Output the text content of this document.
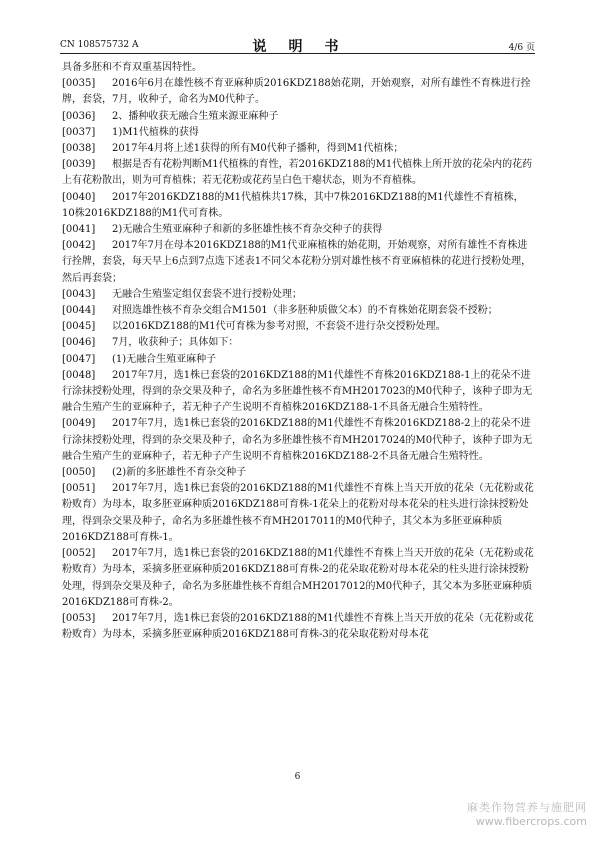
CN 108575732 A	说　明　书	4/6 页

具备多胚和不育双重基因特性。

[0035] 2016年6月在雄性核不育亚麻种质2016KDZ188始花期，开始观察，对所有雄性不育株进行拴牌，套袋，7月，收种子，命名为M0代种子。

[0036] 2、播种收获无融合生殖来源亚麻种子

[0037] 1)M1代植株的获得

[0038] 2017年4月将上述1获得的所有M0代种子播种，得到M1代植株；

[0039] 根据是否有花粉判断M1代植株的育性，若2016KDZ188的M1代植株上所开放的花朵内的花药上有花粉散出，则为可育植株；若无花粉或花药呈白色干瘪状态，则为不育植株。

[0040] 2017年2016KDZ188的M1代植株共17株，其中7株2016KDZ188的M1代雄性不育植株，10株2016KDZ188的M1代可育株。

[0041] 2)无融合生殖亚麻种子和新的多胚雄性核不育杂交种子的获得

[0042] 2017年7月在母本2016KDZ188的M1代亚麻植株的始花期，开始观察，对所有雄性不育株进行拴牌，套袋，每天早上6点到7点选下述表1不同父本花粉分别对雄性核不育亚麻植株的花进行授粉处理，然后再套袋；

[0043] 无融合生殖鉴定组仅套袋不进行授粉处理；

[0044] 对照选雄性核不育杂交组合M1501（非多胚种质做父本）的不育株始花期套袋不授粉；

[0045] 以2016KDZ188的M1代可育株为参考对照，不套袋不进行杂交授粉处理。

[0046] 7月，收获种子；具体如下：

[0047] (1)无融合生殖亚麻种子

[0048] 2017年7月，选1株已套袋的2016KDZ188的M1代雄性不育株2016KDZ188-1上的花朵不进行涂抹授粉处理，得到的杂交果及种子，命名为多胚雄性核不育MH2017023的M0代种子，该种子即为无融合生殖产生的亚麻种子，若无种子产生说明不育植株2016KDZ188-1不具备无融合生殖特性。

[0049] 2017年7月，选1株已套袋的2016KDZ188的M1代雄性不育株2016KDZ188-2上的花朵不进行涂抹授粉处理，得到的杂交果及种子，命名为多胚雄性核不育MH2017024的M0代种子，该种子即为无融合生殖产生的亚麻种子，若无种子产生说明不育植株2016KDZ188-2不具备无融合生殖特性。

[0050] (2)新的多胚雄性不育杂交种子

[0051] 2017年7月，选1株已套袋的2016KDZ188的M1代雄性不育株上当天开放的花朵（无花粉或花粉败育）为母本，取多胚亚麻种质2016KDZ188可育株-1花朵上的花粉对母本花朵的柱头进行涂抹授粉处理，得到杂交果及种子，命名为多胚雄性核不育MH2017011的M0代种子，其父本为多胚亚麻种质2016KDZ188可育株-1。

[0052] 2017年7月，选1株已套袋的2016KDZ188的M1代雄性不育株上当天开放的花朵（无花粉或花粉败育）为母本，采摘多胚亚麻种质2016KDZ188可育株-2的花朵取花粉对母本花朵的柱头进行涂抹授粉处理，得到杂交果及种子，命名为多胚雄性核不育组合MH2017012的M0代种子，其父本为多胚亚麻种质2016KDZ188可育株-2。

[0053] 2017年7月，选1株已套袋的2016KDZ188的M1代雄性不育株上当天开放的花朵（无花粉或花粉败育）为母本，采摘多胚亚麻种质2016KDZ188可育株-3的花朵取花粉对母本花

6
麻类作物营养与施肥网
www.fibercrops.com
